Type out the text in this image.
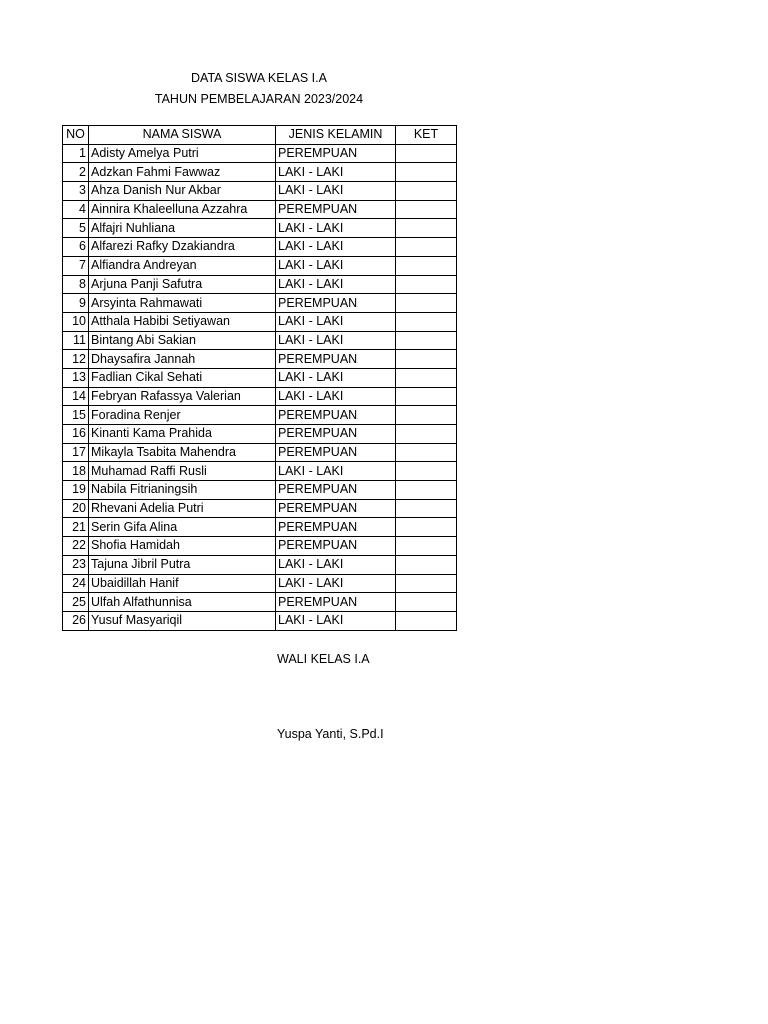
DATA SISWA KELAS I.A
TAHUN PEMBELAJARAN 2023/2024
NO	NAMA SISWA	JENIS KELAMIN	KET
1	Adisty Amelya Putri	PEREMPUAN	
2	Adzkan Fahmi Fawwaz	LAKI - LAKI	
3	Ahza Danish Nur Akbar	LAKI - LAKI	
4	Ainnira Khaleelluna Azzahra	PEREMPUAN	
5	Alfajri Nuhliana	LAKI - LAKI	
6	Alfarezi Rafky Dzakiandra	LAKI - LAKI	
7	Alfiandra Andreyan	LAKI - LAKI	
8	Arjuna Panji Safutra	LAKI - LAKI	
9	Arsyinta Rahmawati	PEREMPUAN	
10	Atthala Habibi Setiyawan	LAKI - LAKI	
11	Bintang Abi Sakian	LAKI - LAKI	
12	Dhaysafira Jannah	PEREMPUAN	
13	Fadlian Cikal Sehati	LAKI - LAKI	
14	Febryan Rafassya Valerian	LAKI - LAKI	
15	Foradina Renjer	PEREMPUAN	
16	Kinanti Kama Prahida	PEREMPUAN	
17	Mikayla Tsabita Mahendra	PEREMPUAN	
18	Muhamad Raffi Rusli	LAKI - LAKI	
19	Nabila Fitrianingsih	PEREMPUAN	
20	Rhevani Adelia Putri	PEREMPUAN	
21	Serin Gifa Alina	PEREMPUAN	
22	Shofia Hamidah	PEREMPUAN	
23	Tajuna Jibril Putra	LAKI - LAKI	
24	Ubaidillah Hanif	LAKI - LAKI	
25	Ulfah Alfathunnisa	PEREMPUAN	
26	Yusuf Masyariqil	LAKI - LAKI	
WALI KELAS I.A
Yuspa Yanti, S.Pd.I
